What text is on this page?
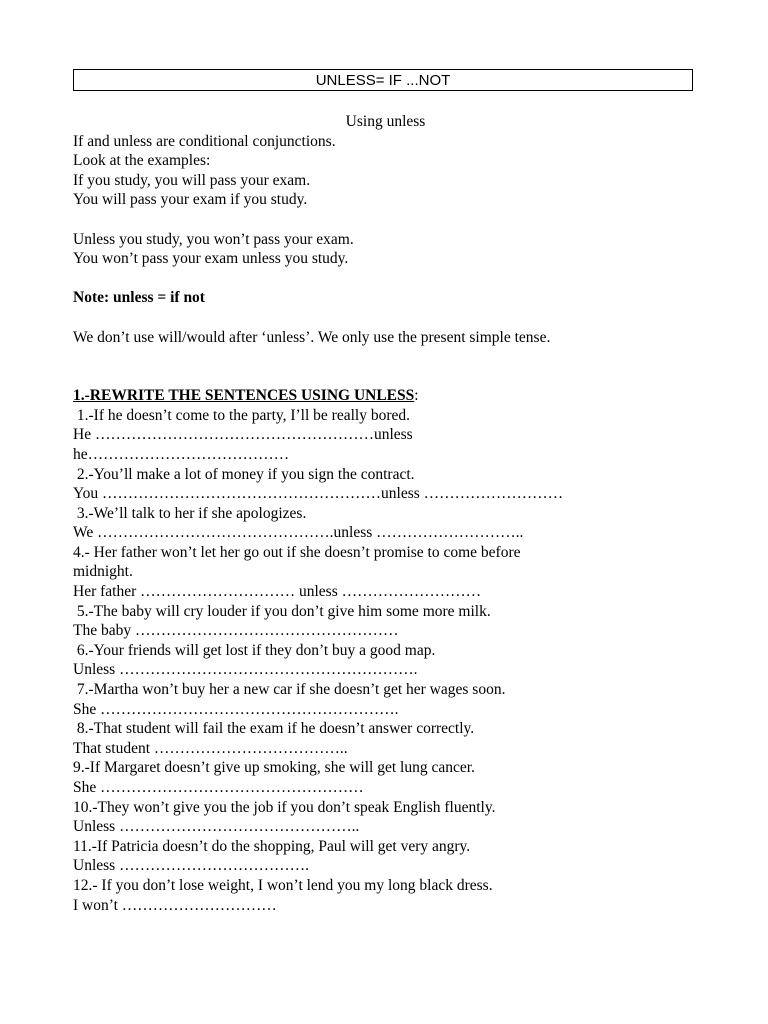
UNLESS= IF ...NOT
Using unless
If and unless are conditional conjunctions.
Look at the examples:
If you study, you will pass your exam.
You will pass your exam if you study.
Unless you study, you won’t pass your exam.
You won’t pass your exam unless you study.
Note: unless = if not
We don’t use will/would after ‘unless’. We only use the present simple tense.
1.-REWRITE THE SENTENCES USING UNLESS:
1.-If he doesn’t come to the party, I’ll be really bored.
He ………………………………………………unless
he…………………………………
2.-You’ll make a lot of money if you sign the contract.
You ………………………………………………unless ………………………
3.-We’ll talk to her if she apologizes.
We ……………………………………….unless ………………………..
4.- Her father won’t let her go out if she doesn’t promise to come before
midnight.
Her father ………………………… unless ………………………
5.-The baby will cry louder if you don’t give him some more milk.
The baby ……………………………………………
6.-Your friends will get lost if they don’t buy a good map.
Unless ………………………………………………….
7.-Martha won’t buy her a new car if she doesn’t get her wages soon.
She ………………………………………………….
8.-That student will fail the exam if he doesn’t answer correctly.
That student ………………………………..
9.-If Margaret doesn’t give up smoking, she will get lung cancer.
She ……………………………………………
10.-They won’t give you the job if you don’t speak English fluently.
Unless ………………………………………..
11.-If Patricia doesn’t do the shopping, Paul will get very angry.
Unless ……………………………….
12.- If you don’t lose weight, I won’t lend you my long black dress.
I won’t …………………………
